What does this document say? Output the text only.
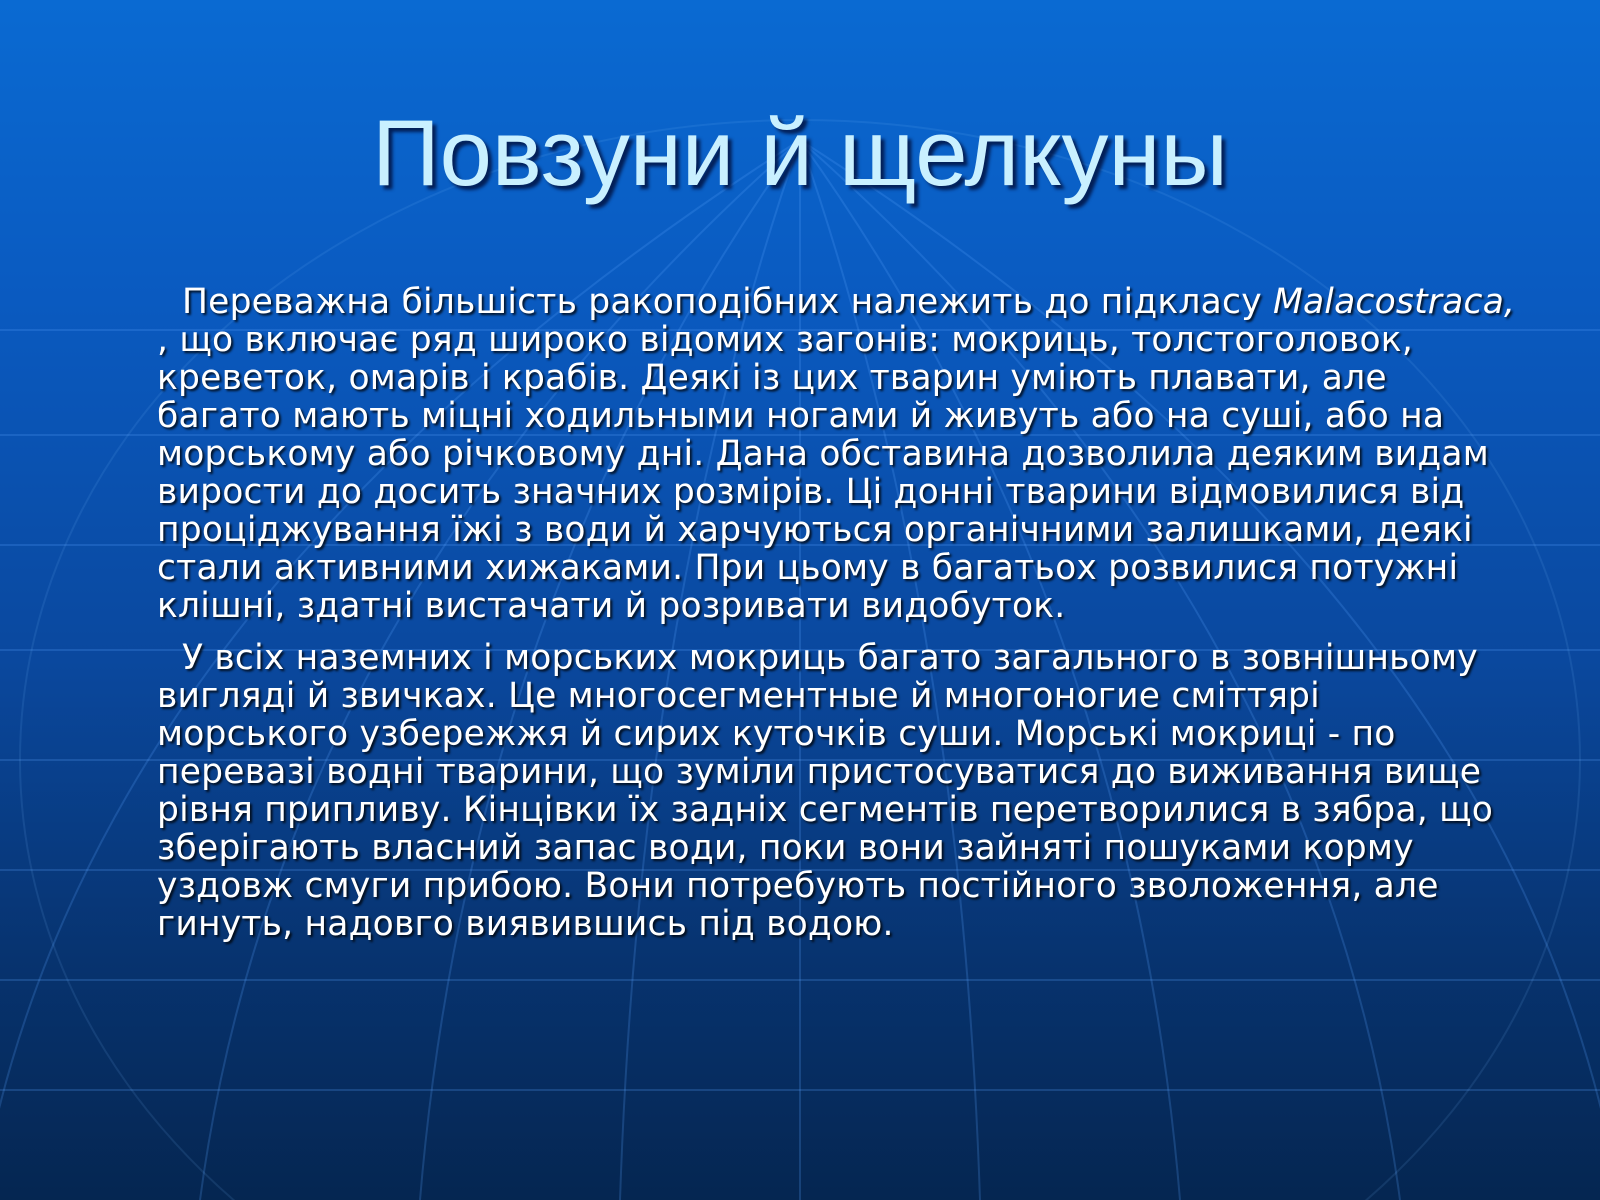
Повзуни й щелкуны

Переважна більшість ракоподібних належить до підкласу Malacostraca, , що включає ряд широко відомих загонів: мокриць, толстоголовок, креветок, омарів і крабів. Деякі із цих тварин уміють плавати, але багато мають міцні ходильными ногами й живуть або на суші, або на морському або річковому дні. Дана обставина дозволила деяким видам вирости до досить значних розмірів. Ці донні тварини відмовилися від проціджування їжі з води й харчуються органічними залишками, деякі стали активними хижаками. При цьому в багатьох розвилися потужні клішні, здатні вистачати й розривати видобуток.

У всіх наземних і морських мокриць багато загального в зовнішньому вигляді й звичках. Це многосегментные й многоногие сміттярі морського узбережжя й сирих куточків суши. Морські мокриці - по перевазі водні тварини, що зуміли пристосуватися до виживання вище рівня припливу. Кінцівки їх задніх сегментів перетворилися в зябра, що зберігають власний запас води, поки вони зайняті пошуками корму уздовж смуги прибою. Вони потребують постійного зволоження, але гинуть, надовго виявившись під водою.
